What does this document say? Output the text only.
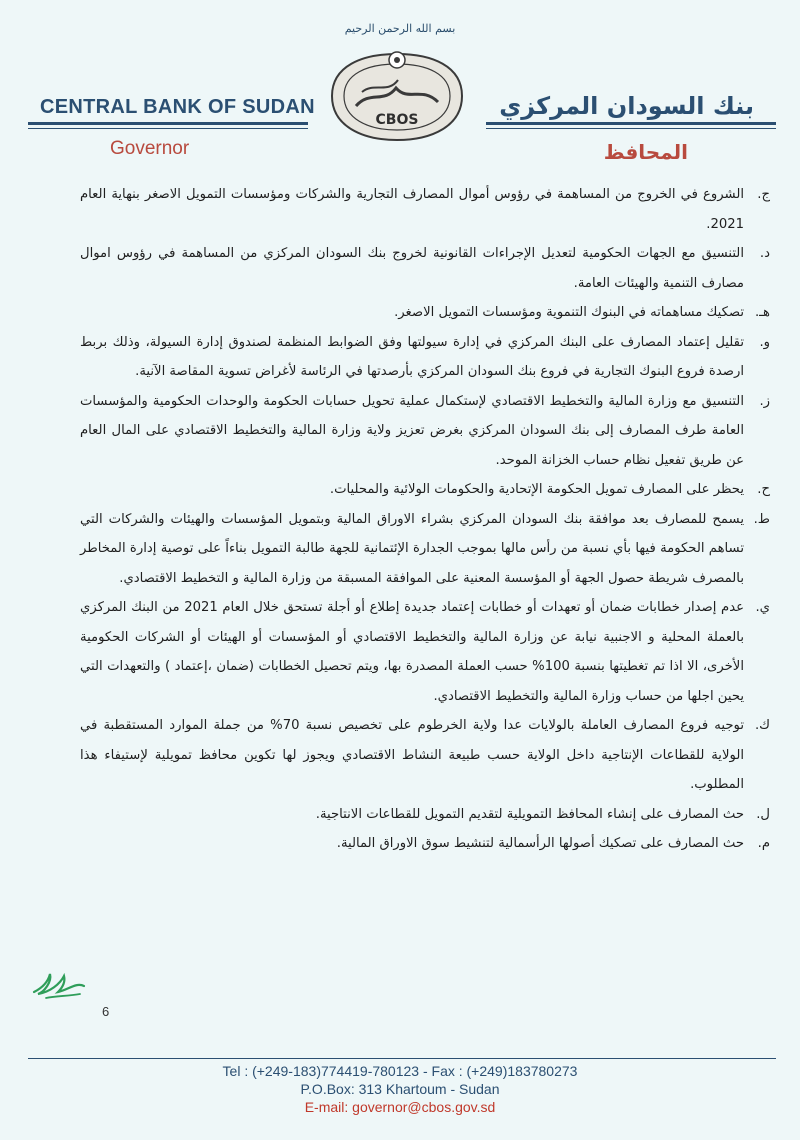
بسم الله الرحمن الرحيم
CBOS
CENTRAL BANK OF SUDAN
Governor
بنك السودان المركزي
المحافظ
ج.
الشروع في الخروج من المساهمة في رؤوس أموال المصارف التجارية والشركات ومؤسسات التمويل الاصغر بنهاية العام 2021.
د.
التنسيق مع الجهات الحكومية لتعديل الإجراءات القانونية لخروج بنك السودان المركزي من المساهمة في رؤوس اموال مصارف التنمية والهيئات العامة.
هـ.
تصكيك مساهماته في البنوك التنموية ومؤسسات التمويل الاصغر.
و.
تقليل إعتماد المصارف على البنك المركزي في إدارة سيولتها وفق الضوابط المنظمة لصندوق إدارة السيولة، وذلك بربط ارصدة فروع البنوك التجارية في فروع بنك السودان المركزي بأرصدتها في الرئاسة لأغراض تسوية المقاصة الآنية.
ز.
التنسيق مع وزارة المالية والتخطيط الاقتصادي لإستكمال عملية تحويل حسابات الحكومة والوحدات الحكومية والمؤسسات العامة طرف المصارف إلى بنك السودان المركزي بغرض تعزيز ولاية وزارة المالية والتخطيط الاقتصادي على المال العام عن طريق تفعيل نظام حساب الخزانة الموحد.
ح.
يحظر على المصارف تمويل الحكومة الإتحادية والحكومات الولائية والمحليات.
ط.
يسمح للمصارف بعد موافقة بنك السودان المركزي بشراء الاوراق المالية وبتمويل المؤسسات والهيئات والشركات التي تساهم الحكومة فيها بأي نسبة من رأس مالها بموجب الجدارة الإئتمانية للجهة طالبة التمويل بناءاً على توصية إدارة المخاطر بالمصرف شريطة حصول الجهة أو المؤسسة المعنية على الموافقة المسبقة من وزارة المالية و التخطيط الاقتصادي.
ي.
عدم إصدار خطابات ضمان أو تعهدات أو خطابات إعتماد جديدة إطلاع أو أجلة تستحق خلال العام 2021 من البنك المركزي بالعملة المحلية و الاجنبية نيابة عن وزارة المالية والتخطيط الاقتصادي أو المؤسسات أو الهيئات أو الشركات الحكومية الأخرى، الا اذا تم تغطيتها بنسبة 100% حسب العملة المصدرة بها، ويتم تحصيل الخطابات (ضمان ،إعتماد ) والتعهدات التي يحين اجلها من حساب وزارة المالية والتخطيط الاقتصادي.
ك.
توجيه فروع المصارف العاملة بالولايات عدا ولاية الخرطوم على تخصيص نسبة 70% من جملة الموارد المستقطبة في الولاية للقطاعات الإنتاجية داخل الولاية حسب طبيعة النشاط الاقتصادي ويجوز لها تكوين محافظ تمويلية لإستيفاء هذا المطلوب.
ل.
حث المصارف على إنشاء المحافظ التمويلية لتقديم التمويل للقطاعات الانتاجية.
م.
حث المصارف على تصكيك أصولها الرأسمالية لتنشيط سوق الاوراق المالية.
6
Tel : (+249-183)774419-780123 - Fax : (+249)183780273
P.O.Box: 313 Khartoum - Sudan
E-mail: governor@cbos.gov.sd
